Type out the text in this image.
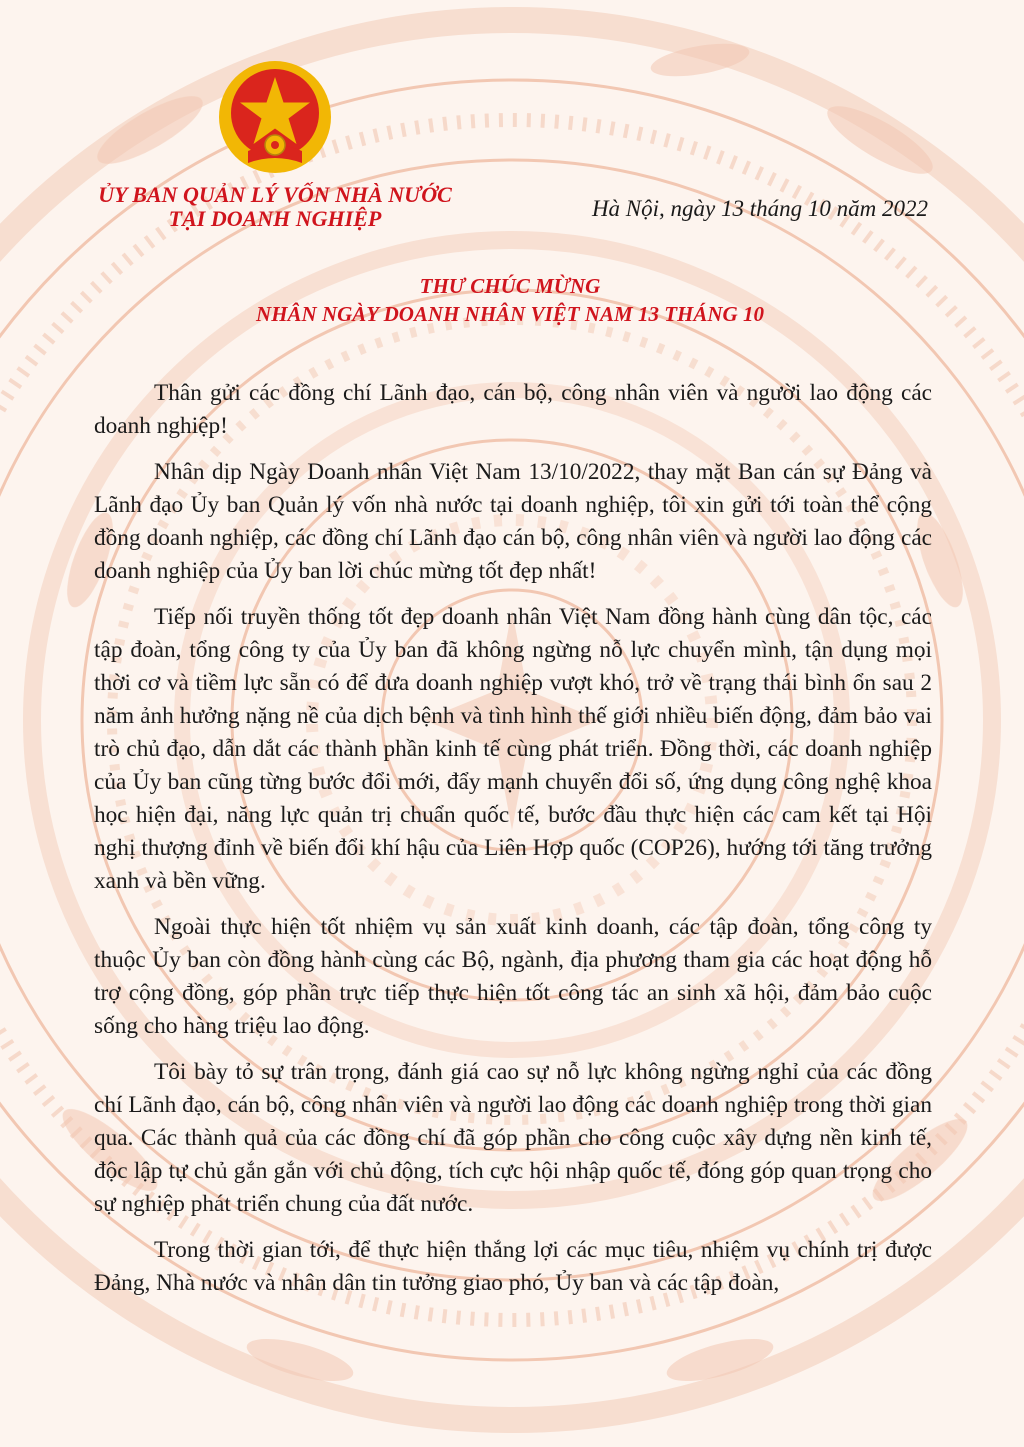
ỦY BAN QUẢN LÝ VỐN NHÀ NƯỚC
TẠI DOANH NGHIỆP	Hà Nội, ngày 13 tháng 10 năm 2022

THƯ CHÚC MỪNG
NHÂN NGÀY DOANH NHÂN VIỆT NAM 13 THÁNG 10

Thân gửi các đồng chí Lãnh đạo, cán bộ, công nhân viên và người lao động các doanh nghiệp!

Nhân dịp Ngày Doanh nhân Việt Nam 13/10/2022, thay mặt Ban cán sự Đảng và Lãnh đạo Ủy ban Quản lý vốn nhà nước tại doanh nghiệp, tôi xin gửi tới toàn thể cộng đồng doanh nghiệp, các đồng chí Lãnh đạo cán bộ, công nhân viên và người lao động các doanh nghiệp của Ủy ban lời chúc mừng tốt đẹp nhất!

Tiếp nối truyền thống tốt đẹp doanh nhân Việt Nam đồng hành cùng dân tộc, các tập đoàn, tổng công ty của Ủy ban đã không ngừng nỗ lực chuyển mình, tận dụng mọi thời cơ và tiềm lực sẵn có để đưa doanh nghiệp vượt khó, trở về trạng thái bình ổn sau 2 năm ảnh hưởng nặng nề của dịch bệnh và tình hình thế giới nhiều biến động, đảm bảo vai trò chủ đạo, dẫn dắt các thành phần kinh tế cùng phát triển. Đồng thời, các doanh nghiệp của Ủy ban cũng từng bước đổi mới, đẩy mạnh chuyển đổi số, ứng dụng công nghệ khoa học hiện đại, năng lực quản trị chuẩn quốc tế, bước đầu thực hiện các cam kết tại Hội nghị thượng đỉnh về biến đổi khí hậu của Liên Hợp quốc (COP26), hướng tới tăng trưởng xanh và bền vững.

Ngoài thực hiện tốt nhiệm vụ sản xuất kinh doanh, các tập đoàn, tổng công ty thuộc Ủy ban còn đồng hành cùng các Bộ, ngành, địa phương tham gia các hoạt động hỗ trợ cộng đồng, góp phần trực tiếp thực hiện tốt công tác an sinh xã hội, đảm bảo cuộc sống cho hàng triệu lao động.

Tôi bày tỏ sự trân trọng, đánh giá cao sự nỗ lực không ngừng nghỉ của các đồng chí Lãnh đạo, cán bộ, công nhân viên và người lao động các doanh nghiệp trong thời gian qua. Các thành quả của các đồng chí đã góp phần cho công cuộc xây dựng nền kinh tế, độc lập tự chủ gắn gắn với chủ động, tích cực hội nhập quốc tế, đóng góp quan trọng cho sự nghiệp phát triển chung của đất nước.

Trong thời gian tới, để thực hiện thắng lợi các mục tiêu, nhiệm vụ chính trị được Đảng, Nhà nước và nhân dân tin tưởng giao phó, Ủy ban và các tập đoàn,
